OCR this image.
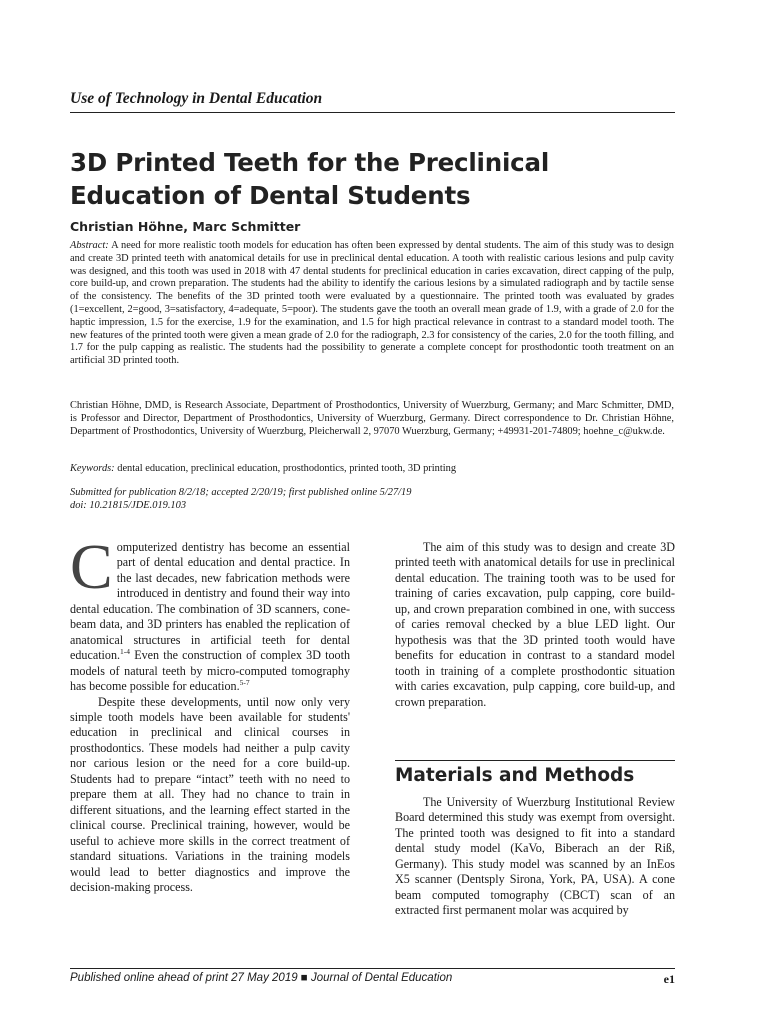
Use of Technology in Dental Education
3D Printed Teeth for the Preclinical
Education of Dental Students
Christian Höhne, Marc Schmitter
Abstract: A need for more realistic tooth models for education has often been expressed by dental students. The aim of this study was to design and create 3D printed teeth with anatomical details for use in preclinical dental education. A tooth with realistic carious lesions and pulp cavity was designed, and this tooth was used in 2018 with 47 dental students for preclinical education in caries excavation, direct capping of the pulp, core build-up, and crown preparation. The students had the ability to identify the carious lesions by a simulated radiograph and by tactile sense of the consistency. The benefits of the 3D printed tooth were evaluated by a questionnaire. The printed tooth was evaluated by grades (1=excellent, 2=good, 3=satisfactory, 4=adequate, 5=poor). The students gave the tooth an overall mean grade of 1.9, with a grade of 2.0 for the haptic impression, 1.5 for the exercise, 1.9 for the examination, and 1.5 for high practical relevance in contrast to a standard model tooth. The new features of the printed tooth were given a mean grade of 2.0 for the radiograph, 2.3 for consistency of the caries, 2.0 for the tooth filling, and 1.7 for the pulp capping as realistic. The students had the possibility to generate a complete concept for prosthodontic tooth treatment on an artificial 3D printed tooth.
Christian Höhne, DMD, is Research Associate, Department of Prosthodontics, University of Wuerzburg, Germany; and Marc Schmitter, DMD, is Professor and Director, Department of Prosthodontics, University of Wuerzburg, Germany. Direct correspondence to Dr. Christian Höhne, Department of Prosthodontics, University of Wuerzburg, Pleicherwall 2, 97070 Wuerzburg, Germany; +49931-201-74809; hoehne_c@ukw.de.
Keywords: dental education, preclinical education, prosthodontics, printed tooth, 3D printing
Submitted for publication 8/2/18; accepted 2/20/19; first published online 5/27/19
doi: 10.21815/JDE.019.103

Computerized dentistry has become an essential part of dental education and dental practice. In the last decades, new fabrication methods were introduced in dentistry and found their way into dental education. The combination of 3D scanners, cone-beam data, and 3D printers has enabled the replication of anatomical structures in artificial teeth for dental education.$^{1-4}$ Even the construction of complex 3D tooth models of natural teeth by micro-computed tomography has become possible for education.$^{5-7}$

Despite these developments, until now only very simple tooth models have been available for students' education in preclinical and clinical courses in prosthodontics. These models had neither a pulp cavity nor carious lesion or the need for a core build-up. Students had to prepare “intact” teeth with no need to prepare them at all. They had no chance to train in different situations, and the learning effect started in the clinical course. Preclinical training, however, would be useful to achieve more skills in the correct treatment of standard situations. Variations in the training models would lead to better diagnostics and improve the decision-making process.

The aim of this study was to design and create 3D printed teeth with anatomical details for use in preclinical dental education. The training tooth was to be used for training of caries excavation, pulp capping, core build-up, and crown preparation combined in one, with success of caries removal checked by a blue LED light. Our hypothesis was that the 3D printed tooth would have benefits for education in contrast to a standard model tooth in training of a complete prosthodontic situation with caries excavation, pulp capping, core build-up, and crown preparation.

Materials and Methods

The University of Wuerzburg Institutional Review Board determined this study was exempt from oversight. The printed tooth was designed to fit into a standard dental study model (KaVo, Biberach an der Riß, Germany). This study model was scanned by an InEos X5 scanner (Dentsply Sirona, York, PA, USA). A cone beam computed tomography (CBCT) scan of an extracted first permanent molar was acquired by

Published online ahead of print 27 May 2019 ■ Journal of Dental Education	e1
